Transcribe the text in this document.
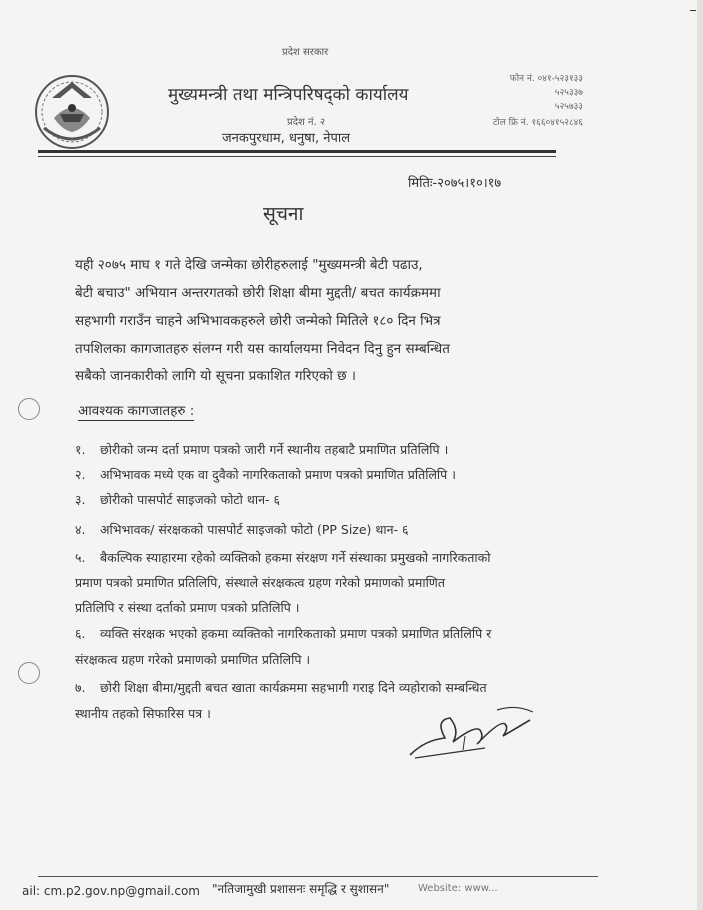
प्रदेश सरकार
मुख्यमन्त्री तथा मन्त्रिपरिषद्को कार्यालय
प्रदेश नं. २
जनकपुरधाम, धनुषा, नेपाल
फोन नं. ०४१-५२३१३३
५२५३३७
५२५७३३
टोल फ्रि नं. १६६०४१५२८४६
मितिः-२०७५।१०।१७
सूचना
यही २०७५ माघ १ गते देखि जन्मेका छोरीहरुलाई "मुख्यमन्त्री बेटी पढाउ,
बेटी बचाउ" अभियान अन्तरगतको छोरी शिक्षा बीमा मुद्दती/ बचत कार्यक्रममा
सहभागी गराउँन चाहने अभिभावकहरुले छोरी जन्मेको मितिले १८० दिन भित्र
तपशिलका कागजातहरु संलग्न गरी यस कार्यालयमा निवेदन दिनु हुन सम्बन्धित
सबैको जानकारीको लागि यो सूचना प्रकाशित गरिएको छ ।
आवश्यक कागजातहरु :
१. छोरीको जन्म दर्ता प्रमाण पत्रको जारी गर्ने स्थानीय तहबाटै प्रमाणित प्रतिलिपि ।
२. अभिभावक मध्ये एक वा दुवैको नागरिकताको प्रमाण पत्रको प्रमाणित प्रतिलिपि ।
३. छोरीको पासपोर्ट साइजको फोटो थान- ६
४. अभिभावक/ संरक्षकको पासपोर्ट साइजको फोटो (PP Size) थान- ६
५. बैकल्पिक स्याहारमा रहेको व्यक्तिको हकमा संरक्षण गर्ने संस्थाका प्रमुखको नागरिकताको
प्रमाण पत्रको प्रमाणित प्रतिलिपि, संस्थाले संरक्षकत्व ग्रहण गरेको प्रमाणको प्रमाणित
प्रतिलिपि र संस्था दर्ताको प्रमाण पत्रको प्रतिलिपि ।
६. व्यक्ति संरक्षक भएको हकमा व्यक्तिको नागरिकताको प्रमाण पत्रको प्रमाणित प्रतिलिपि र
संरक्षकत्व ग्रहण गरेको प्रमाणको प्रमाणित प्रतिलिपि ।
७. छोरी शिक्षा बीमा/मुद्दती बचत खाता कार्यक्रममा सहभागी गराइ दिने व्यहोराको सम्बन्धित
स्थानीय तहको सिफारिस पत्र ।
ail: cm.p2.gov.np@gmail.com "नतिजामुखी प्रशासनः समृद्धि र सुशासन"	Website: www...
